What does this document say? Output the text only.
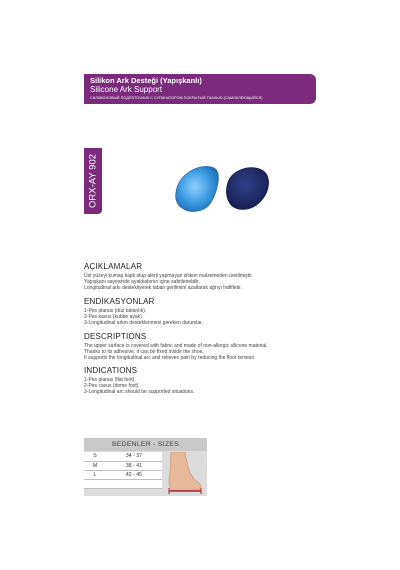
Silikon Ark Desteği (Yapışkanlı)
Silicone Ark Support
СИЛИКОНОВЫЙ ПОДПЯТОЧНИК С СУПИНАТОРОМ ПОКРЫТЫЙ ТКАНЬЮ (САМОКЛЕЮЩИЙСЯ)
ORX-AY 902
AÇIKLAMALAR

Üst yüzeyi kumaş kaplı olup alerji yapmayan silikon malzemeden üretilmiştir.

Yapışkanı sayesinde ayakkabının içine sabitlenebilir.

Longitudinal arkı destekliyerek taban gerilimini azaltarak ağrıyı hafifletir.

ENDİKASYONLAR

1-Pes planus (düz tabanlık).

2-Pes kavus (kubbe ayak).

3-Longitudinal arkın desteklenmesi gereken durumlar.

DESCRIPTIONS

The upper surface is covered with fabric and made of non-allergic silicone material.

Thanks to its adhesive, it can be fixed inside the shoe.

It supports the longitudinal arc and relieves pain by reducing the floor tension.

INDICATIONS

1-Pes planus (flat foot).

2-Pes cavus (dome foot).

3-Longitudinal arc should be supported situations.

BEDENLER - SIZES
S	34 - 37
M	38 - 41
L	42 - 45
